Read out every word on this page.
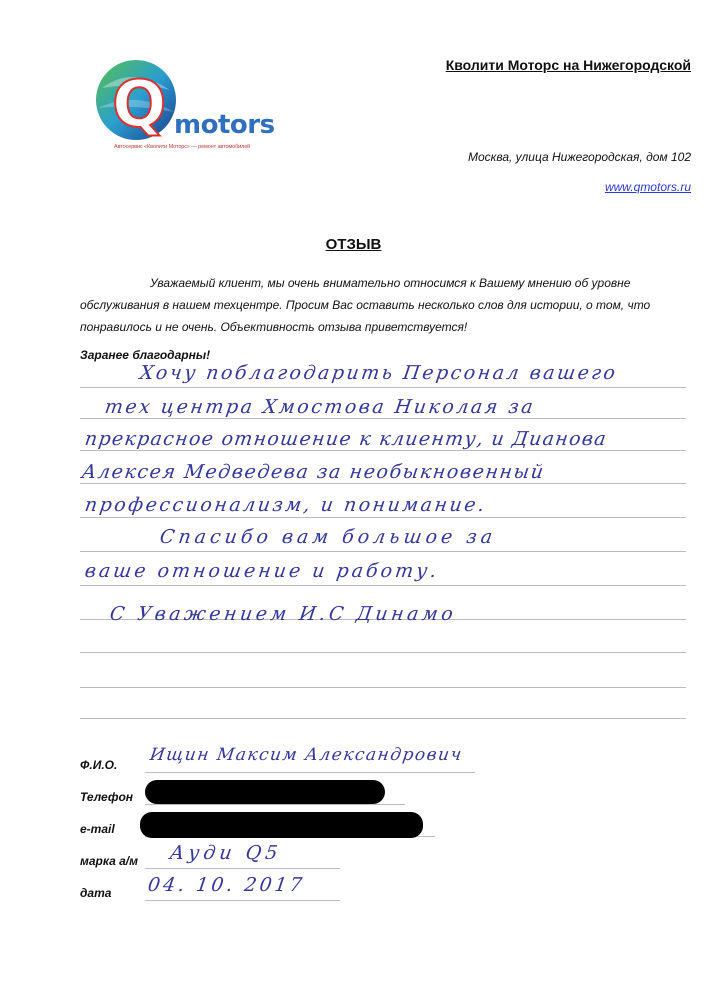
Q motors
Автосервис «Кволити Моторс» — ремонт автомобилей
Кволити Моторс на Нижегородской
Москва, улица Нижегородская, дом 102
www.qmotors.ru
ОТЗЫВ

Уважаемый клиент, мы очень внимательно относимся к Вашему мнению об уровне обслуживания в нашем техцентре. Просим Вас оставить несколько слов для истории, о том, что понравилось и не очень. Объективность отзыва приветствуется!

Заранее благодарны!
Хочу поблагодарить Персонал вашего
тех центра Хмостова Николая за
прекрасное отношение к клиенту, и Дианова
Алексея Медведева за необыкновенный
профессионализм, и понимание.
Спасибо вам большое за
ваше отношение и работу.
С Уважением И.С Динамо
Ф.И.О. Ищин Максим Александрович
Телефон
e-mail
марка а/м Ауди Q5
дата 04. 10. 2017
